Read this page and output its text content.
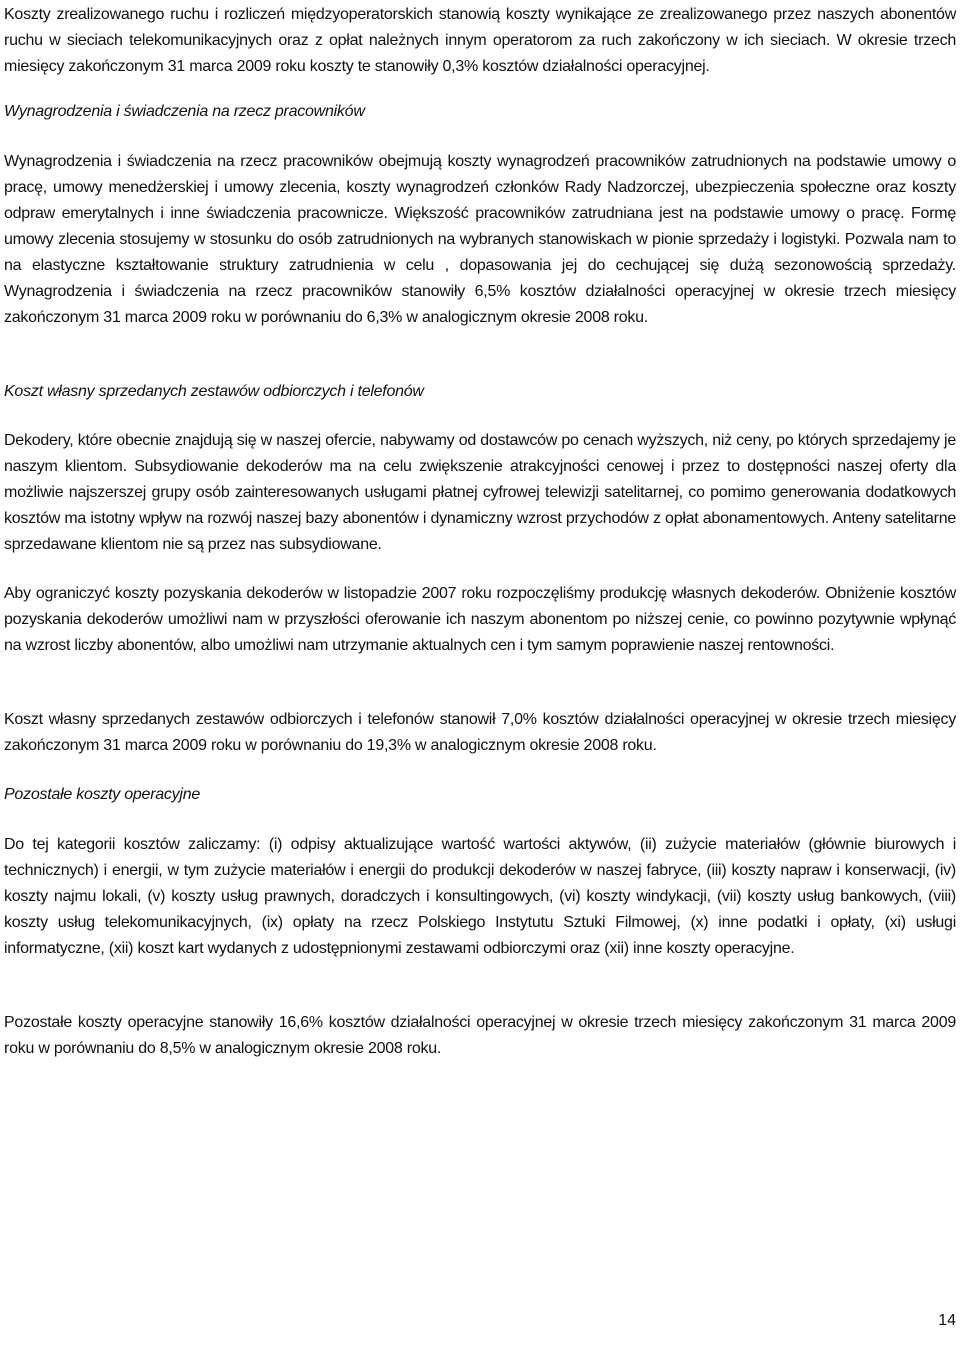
Koszty zrealizowanego ruchu i rozliczeń międzyoperatorskich stanowią koszty wynikające ze zrealizowanego przez naszych abonentów ruchu w sieciach telekomunikacyjnych oraz z opłat należnych innym operatorom za ruch zakończony w ich sieciach. W okresie trzech miesięcy zakończonym 31 marca 2009 roku koszty te stanowiły 0,3% kosztów działalności operacyjnej.

Wynagrodzenia i świadczenia na rzecz pracowników

Wynagrodzenia i świadczenia na rzecz pracowników obejmują koszty wynagrodzeń pracowników zatrudnionych na podstawie umowy o pracę, umowy menedżerskiej i umowy zlecenia, koszty wynagrodzeń członków Rady Nadzorczej, ubezpieczenia społeczne oraz koszty odpraw emerytalnych i inne świadczenia pracownicze. Większość pracowników zatrudniana jest na podstawie umowy o pracę. Formę umowy zlecenia stosujemy w stosunku do osób zatrudnionych na wybranych stanowiskach w pionie sprzedaży i logistyki. Pozwala nam to na elastyczne kształtowanie struktury zatrudnienia w celu , dopasowania jej do cechującej się dużą sezonowością sprzedaży. Wynagrodzenia i świadczenia na rzecz pracowników stanowiły 6,5% kosztów działalności operacyjnej w okresie trzech miesięcy zakończonym 31 marca 2009 roku w porównaniu do 6,3% w analogicznym okresie 2008 roku.

Koszt własny sprzedanych zestawów odbiorczych i telefonów

Dekodery, które obecnie znajdują się w naszej ofercie, nabywamy od dostawców po cenach wyższych, niż ceny, po których sprzedajemy je naszym klientom. Subsydiowanie dekoderów ma na celu zwiększenie atrakcyjności cenowej i przez to dostępności naszej oferty dla możliwie najszerszej grupy osób zainteresowanych usługami płatnej cyfrowej telewizji satelitarnej, co pomimo generowania dodatkowych kosztów ma istotny wpływ na rozwój naszej bazy abonentów i dynamiczny wzrost przychodów z opłat abonamentowych. Anteny satelitarne sprzedawane klientom nie są przez nas subsydiowane.

Aby ograniczyć koszty pozyskania dekoderów w listopadzie 2007 roku rozpoczęliśmy produkcję własnych dekoderów. Obniżenie kosztów pozyskania dekoderów umożliwi nam w przyszłości oferowanie ich naszym abonentom po niższej cenie, co powinno pozytywnie wpłynąć na wzrost liczby abonentów, albo umożliwi nam utrzymanie aktualnych cen i tym samym poprawienie naszej rentowności.

Koszt własny sprzedanych zestawów odbiorczych i telefonów stanowił 7,0% kosztów działalności operacyjnej w okresie trzech miesięcy zakończonym 31 marca 2009 roku w porównaniu do 19,3% w analogicznym okresie 2008 roku.

Pozostałe koszty operacyjne

Do tej kategorii kosztów zaliczamy: (i) odpisy aktualizujące wartość wartości aktywów, (ii) zużycie materiałów (głównie biurowych i technicznych) i energii, w tym zużycie materiałów i energii do produkcji dekoderów w naszej fabryce, (iii) koszty napraw i konserwacji, (iv) koszty najmu lokali, (v) koszty usług prawnych, doradczych i konsultingowych, (vi) koszty windykacji, (vii) koszty usług bankowych, (viii) koszty usług telekomunikacyjnych, (ix) opłaty na rzecz Polskiego Instytutu Sztuki Filmowej, (x) inne podatki i opłaty, (xi) usługi informatyczne, (xii) koszt kart wydanych z udostępnionymi zestawami odbiorczymi oraz (xii) inne koszty operacyjne.

Pozostałe koszty operacyjne stanowiły 16,6% kosztów działalności operacyjnej w okresie trzech miesięcy zakończonym 31 marca 2009 roku w porównaniu do 8,5% w analogicznym okresie 2008 roku.

14
